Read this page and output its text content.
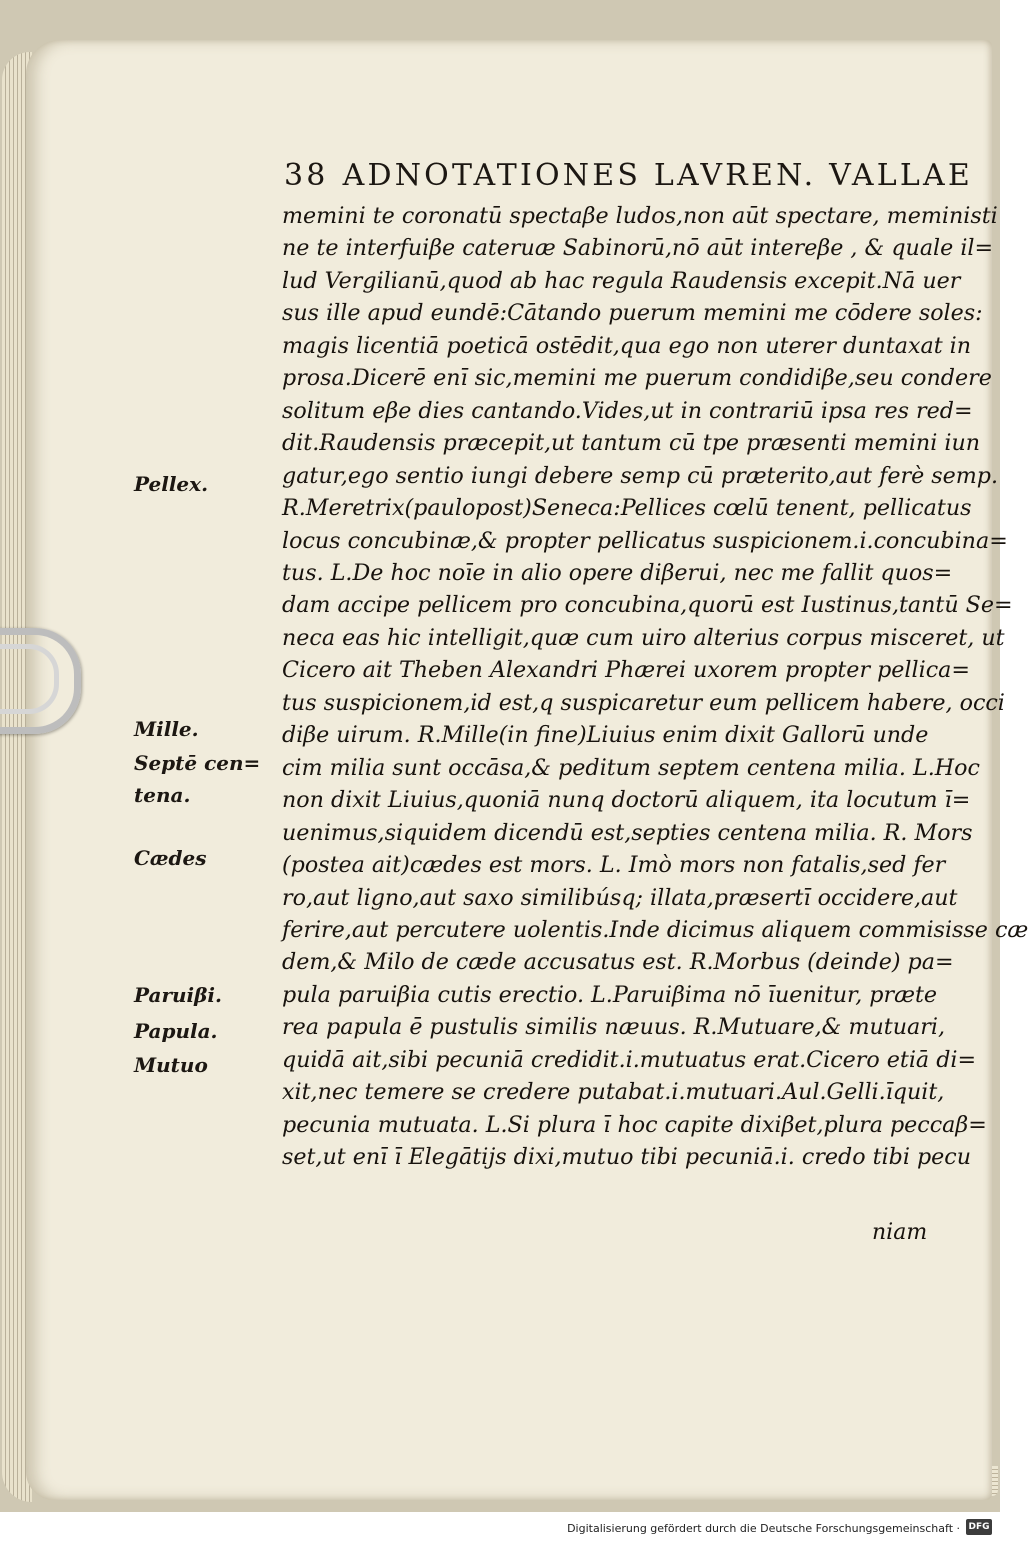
38 ADNOTATIONES LAVREN. VALLAE
memini te coronatū spectaβe ludos,non aūt spectare, meministi
ne te interfuiβe cateruæ Sabinorū,nō aūt intereβe , & quale il=
lud Vergilianū,quod ab hac regula Raudensis excepit.Nā uer
sus ille apud eundē:Cātando puerum memini me cōdere soles:
magis licentiā poeticā ostēdit,qua ego non uterer duntaxat in
prosa.Dicerē enī sic,memini me puerum condidiβe,seu condere
solitum eβe dies cantando.Vides,ut in contrariū ipsa res red=
dit.Raudensis præcepit,ut tantum cū tpe præsenti memini iun
gatur,ego sentio iungi debere semp cū præterito,aut ferè semp.
R.Meretrix(paulopost)Seneca:Pellices cœlū tenent, pellicatus
locus concubinæ,& propter pellicatus suspicionem.i.concubina=
tus. L.De hoc noīe in alio opere diβerui, nec me fallit quos=
dam accipe pellicem pro concubina,quorū est Iustinus,tantū Se=
neca eas hic intelligit,quæ cum uiro alterius corpus misceret, ut
Cicero ait Theben Alexandri Phærei uxorem propter pellica=
tus suspicionem,id est,q suspicaretur eum pellicem habere, occi
diβe uirum. R.Mille(in fine)Liuius enim dixit Gallorū unde
cim milia sunt occāsa,& peditum septem centena milia. L.Hoc
non dixit Liuius,quoniā nunq doctorū aliquem, ita locutum ī=
uenimus,siquidem dicendū est,septies centena milia. R. Mors
(postea ait)cædes est mors. L. Imò mors non fatalis,sed fer
ro,aut ligno,aut saxo similibúsq; illata,præsertī occidere,aut
ferire,aut percutere uolentis.Inde dicimus aliquem commisisse cæ
dem,& Milo de cæde accusatus est. R.Morbus (deinde) pa=
pula paruiβia cutis erectio. L.Paruiβima nō īuenitur, præte
rea papula ē pustulis similis næuus. R.Mutuare,& mutuari,
quidā ait,sibi pecuniā credidit.i.mutuatus erat.Cicero etiā di=
xit,nec temere se credere putabat.i.mutuari.Aul.Gelli.īquit,
pecunia mutuata. L.Si plura ī hoc capite dixiβet,plura peccaβ=
set,ut enī ī Elegātijs dixi,mutuo tibi pecuniā.i. credo tibi pecu
niam
Pellex.
Mille.
Septē cen=
tena.
Cædes
Paruiβi.
Papula.
Mutuo
Digitalisierung gefördert durch die Deutsche Forschungsgemeinschaft · DFG
